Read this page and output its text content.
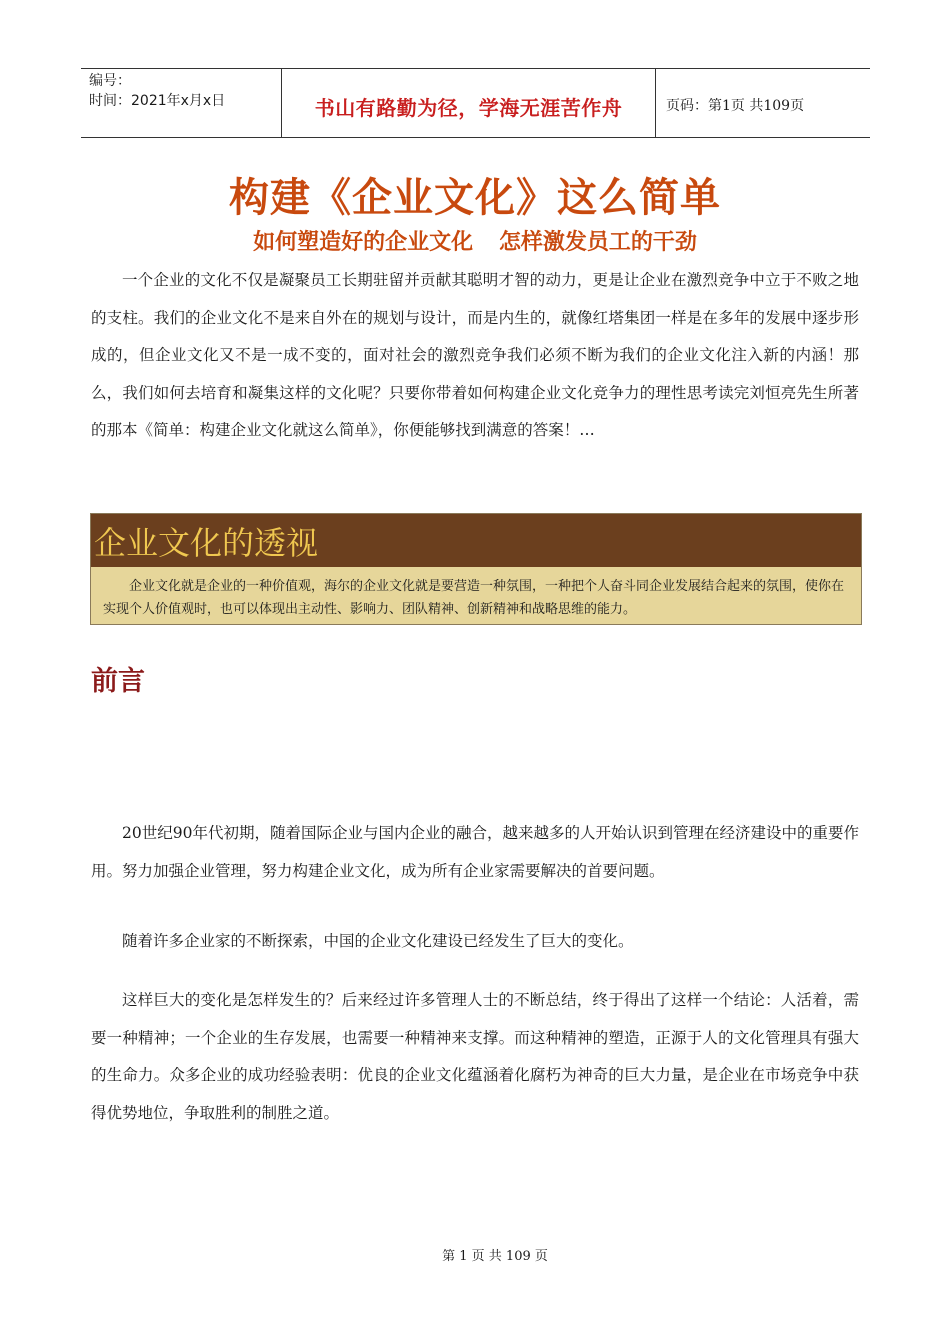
编号：
时间：2021年x月x日	书山有路勤为径，学海无涯苦作舟	页码：第1页 共109页
构建《企业文化》这么简单
如何塑造好的企业文化 怎样激发员工的干劲

一个企业的文化不仅是凝聚员工长期驻留并贡献其聪明才智的动力，更是让企业在激烈竞争中立于不败之地的支柱。我们的企业文化不是来自外在的规划与设计，而是内生的，就像红塔集团一样是在多年的发展中逐步形成的，但企业文化又不是一成不变的，面对社会的激烈竞争我们必须不断为我们的企业文化注入新的内涵！那么，我们如何去培育和凝集这样的文化呢？只要你带着如何构建企业文化竞争力的理性思考读完刘恒亮先生所著的那本《简单：构建企业文化就这么简单》，你便能够找到满意的答案！…

企业文化的透视
企业文化就是企业的一种价值观，海尔的企业文化就是要营造一种氛围，一种把个人奋斗同企业发展结合起来的氛围，使你在实现个人价值观时，也可以体现出主动性、影响力、团队精神、创新精神和战略思维的能力。
前言

20世纪90年代初期，随着国际企业与国内企业的融合，越来越多的人开始认识到管理在经济建设中的重要作用。努力加强企业管理，努力构建企业文化，成为所有企业家需要解决的首要问题。

随着许多企业家的不断探索，中国的企业文化建设已经发生了巨大的变化。

这样巨大的变化是怎样发生的？后来经过许多管理人士的不断总结，终于得出了这样一个结论：人活着，需要一种精神；一个企业的生存发展，也需要一种精神来支撑。而这种精神的塑造，正源于人的文化管理具有强大的生命力。众多企业的成功经验表明：优良的企业文化蕴涵着化腐朽为神奇的巨大力量，是企业在市场竞争中获得优势地位，争取胜利的制胜之道。

第 1 页 共 109 页
